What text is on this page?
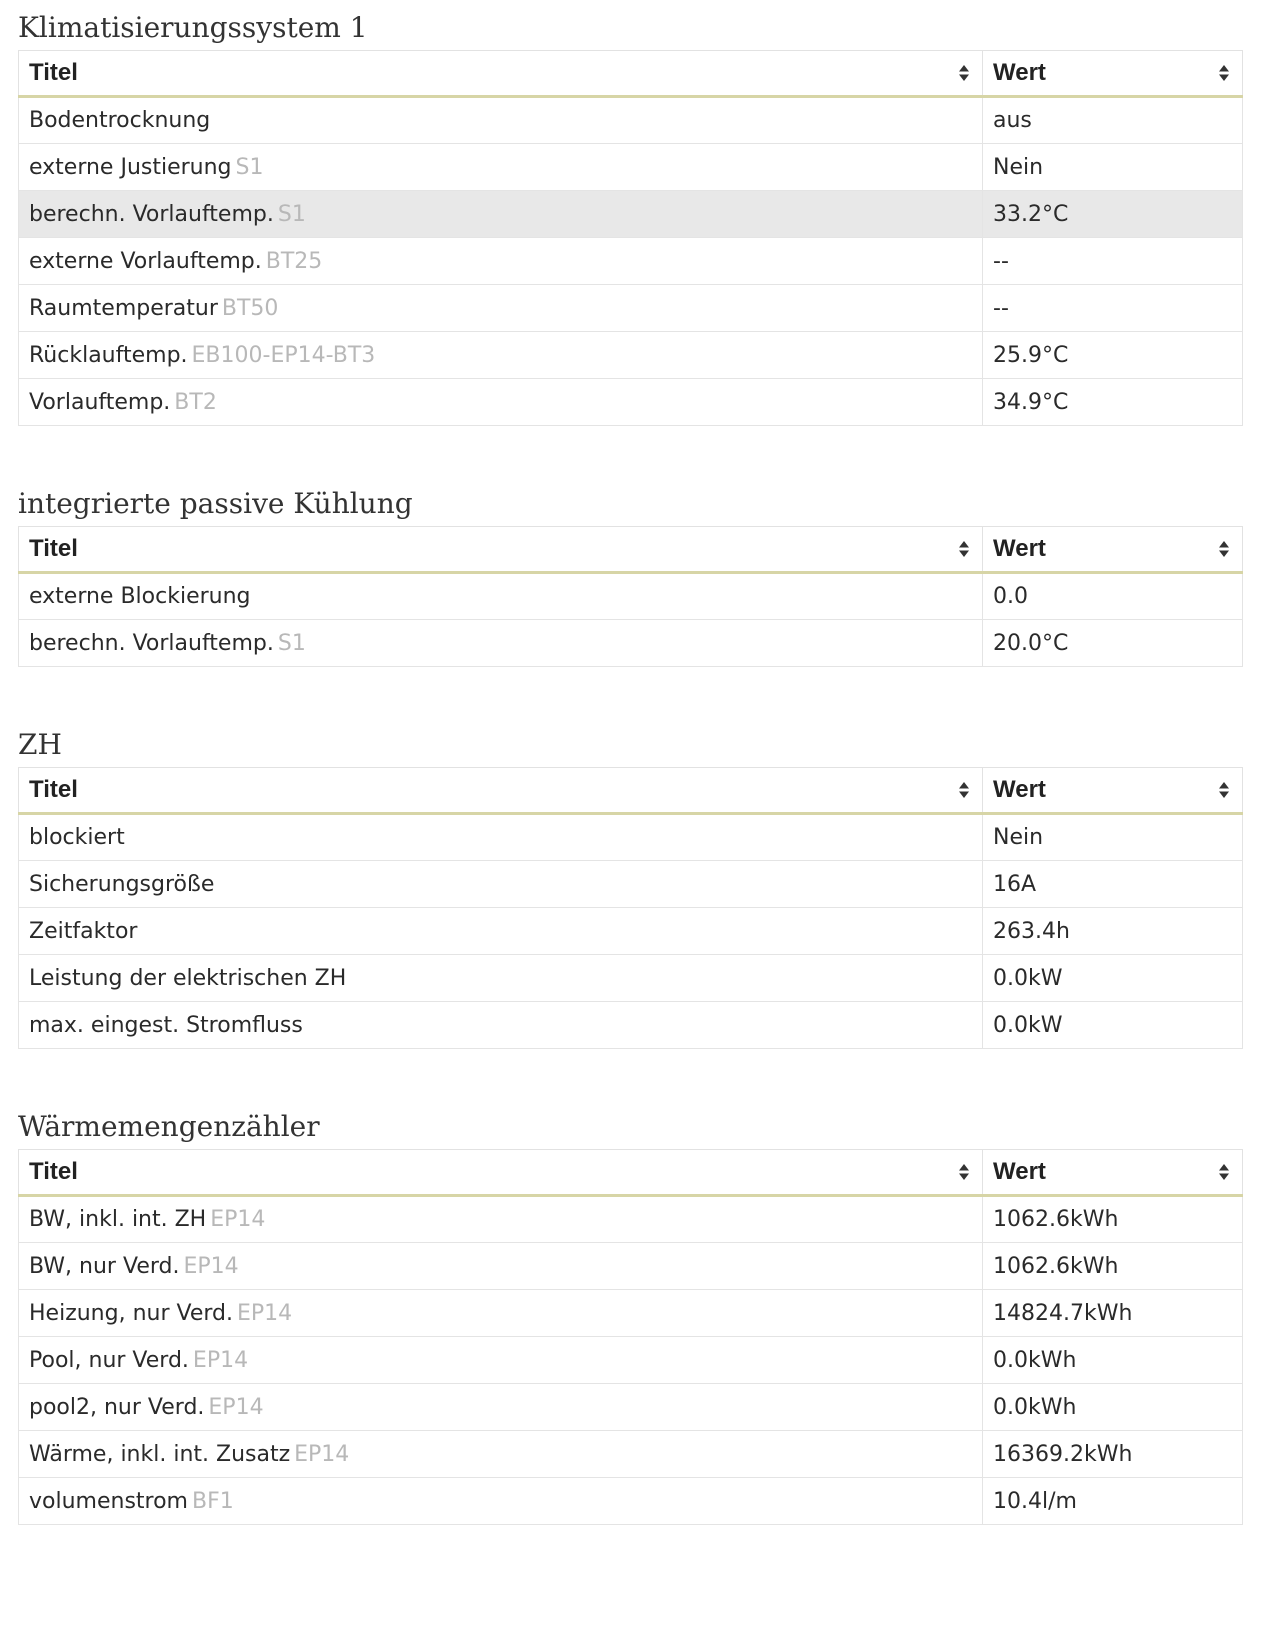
Klimatisierungssystem 1
Titel	Wert

Bodentrocknung	aus
externe Justierung S1	Nein
berechn. Vorlauftemp. S1	33.2°C
externe Vorlauftemp. BT25	--
Raumtemperatur BT50	--
Rücklauftemp. EB100-EP14-BT3	25.9°C
Vorlauftemp. BT2	34.9°C
integrierte passive Kühlung
Titel	Wert

externe Blockierung	0.0
berechn. Vorlauftemp. S1	20.0°C
ZH
Titel	Wert

blockiert	Nein
Sicherungsgröße	16A
Zeitfaktor	263.4h
Leistung der elektrischen ZH	0.0kW
max. eingest. Stromfluss	0.0kW
Wärmemengenzähler
Titel	Wert

BW, inkl. int. ZH EP14	1062.6kWh
BW, nur Verd. EP14	1062.6kWh
Heizung, nur Verd. EP14	14824.7kWh
Pool, nur Verd. EP14	0.0kWh
pool2, nur Verd. EP14	0.0kWh
Wärme, inkl. int. Zusatz EP14	16369.2kWh
volumenstrom BF1	10.4l/m
